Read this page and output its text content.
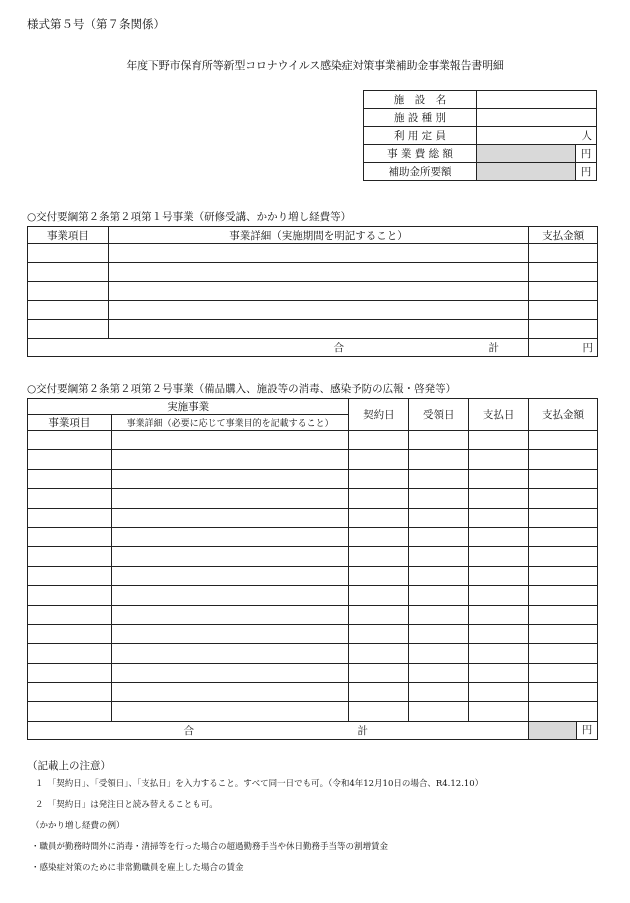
様式第５号（第７条関係）
年度下野市保育所等新型コロナウイルス感染症対策事業補助金事業報告書明細
施　設　名		
施 設 種 別		
利 用 定 員	人	
事 業 費 総 額		円
補助金所要額		円
○交付要綱第２条第２項第１号事業（研修受講、かかり増し経費等）
事業項目	事業詳細（実施期間を明記すること）	支払金額

合 計		円
○交付要綱第２条第２項第２号事業（備品購入、施設等の消毒、感染予防の広報・啓発等）
実施事業		契約日	受領日	支払日	支払金額
事業項目	事業詳細（必要に応じて事業目的を記載すること）				

合 計					円
（記載上の注意）
１　「契約日」、「受領日」、「支払日」を入力すること。すべて同一日でも可。（令和4年12月10日の場合、R4.12.10）
２　「契約日」は発注日と読み替えることも可。
（かかり増し経費の例）
・職員が勤務時間外に消毒・清掃等を行った場合の超過勤務手当や休日勤務手当等の割増賃金
・感染症対策のために非常勤職員を雇上した場合の賃金
